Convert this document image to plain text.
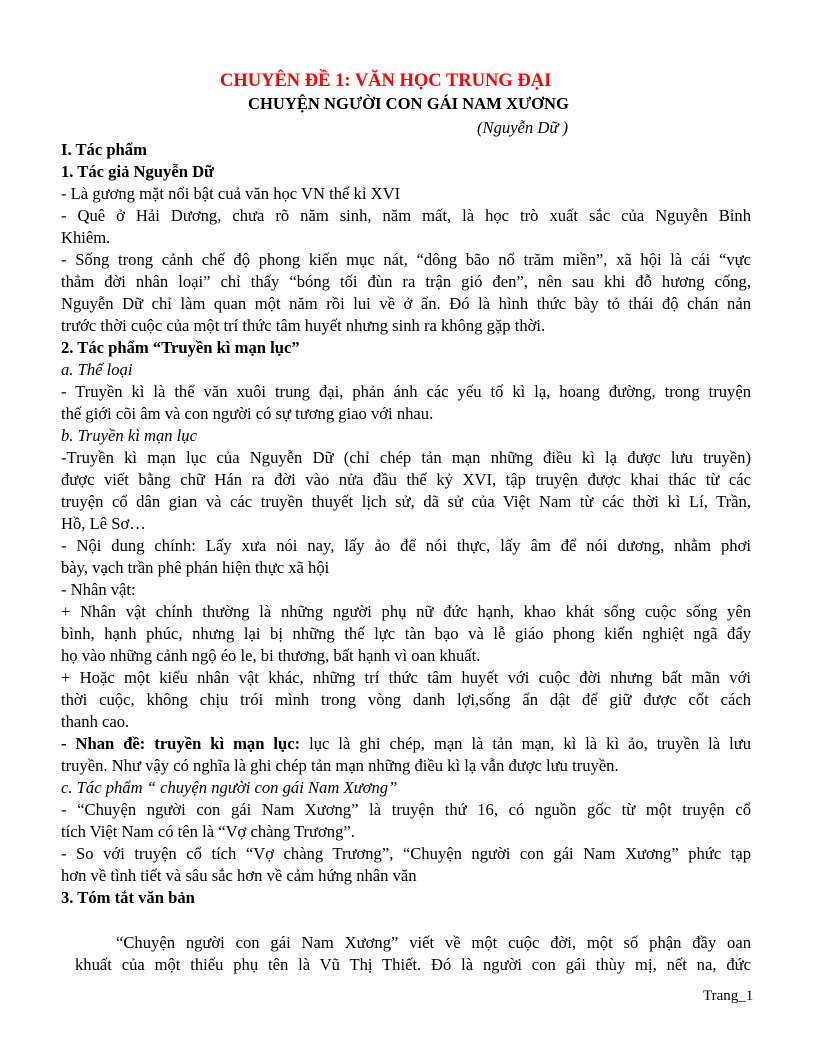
CHUYÊN ĐỀ 1: VĂN HỌC TRUNG ĐẠI
CHUYỆN NGƯỜI CON GÁI NAM XƯƠNG
(Nguyễn Dữ )
I. Tác phẩm
1. Tác giả Nguyễn Dữ
- Là gương mặt nổi bật cuả văn học VN thế kỉ XVI
- Quê ở Hải Dương, chưa rõ năm sinh, năm mất, là học trò xuất sắc của Nguyễn Bỉnh
Khiêm.
- Sống trong cảnh chế độ phong kiến mục nát, “dông bão nổ trăm miền”, xã hội là cái “vực
thẳm đời nhân loại” chỉ thấy “bóng tối đùn ra trận gió đen”, nên sau khi đỗ hương cống,
Nguyễn Dữ chỉ làm quan một năm rồi lui về ở ẩn. Đó là hình thức bày tỏ thái độ chán nản
trước thời cuộc của một trí thức tâm huyết nhưng sinh ra không gặp thời.
2. Tác phẩm “Truyền kì mạn lục”
a. Thể loại
- Truyền kì là thể văn xuôi trung đại, phản ánh các yếu tố kì lạ, hoang đường, trong truyện
thế giới cõi âm và con người có sự tương giao với nhau.
b. Truyền kì mạn lục
-Truyền kì mạn lục của Nguyễn Dữ (chỉ chép tản mạn những điều kì lạ được lưu truyền)
được viết bằng chữ Hán ra đời vào nửa đầu thế kỷ XVI, tập truyện được khai thác từ các
truyện cổ dân gian và các truyền thuyết lịch sử, dã sử của Việt Nam từ các thời kì Lí, Trần,
Hồ, Lê Sơ…
- Nội dung chính: Lấy xưa nói nay, lấy ảo để nói thực, lấy âm để nói dương, nhằm phơi
bày, vạch trần phê phán hiện thực xã hội
- Nhân vật:
+ Nhân vật chính thường là những người phụ nữ đức hạnh, khao khát sống cuộc sống yên
bình, hạnh phúc, nhưng lại bị những thế lực tàn bạo và lễ giáo phong kiến nghiệt ngã đẩy
họ vào những cảnh ngộ éo le, bi thương, bất hạnh vì oan khuất.
+ Hoặc một kiểu nhân vật khác, những trí thức tâm huyết với cuộc đời nhưng bất mãn với
thời cuộc, không chịu trói mình trong vòng danh lợi,sống ẩn dật để giữ được cốt cách
thanh cao.
- Nhan đề: truyền kì mạn lục: lục là ghi chép, mạn là tản mạn, kì là kì ảo, truyền là lưu
truyền. Như vậy có nghĩa là ghi chép tản mạn những điều kì lạ vẫn được lưu truyền.
c. Tác phẩm “ chuyện người con gái Nam Xương”
- “Chuyện người con gái Nam Xương” là truyện thứ 16, có nguồn gốc từ một truyện cổ
tích Việt Nam có tên là “Vợ chàng Trương”.
- So với truyện cổ tích “Vợ chàng Trương”, “Chuyện người con gái Nam Xương” phức tạp
hơn về tình tiết và sâu sắc hơn về cảm hứng nhân văn
3. Tóm tắt văn bản
“Chuyện người con gái Nam Xương” viết về một cuộc đời, một số phận đầy oan
khuất của một thiếu phụ tên là Vũ Thị Thiết. Đó là người con gái thùy mị, nết na, đức
Trang_1
